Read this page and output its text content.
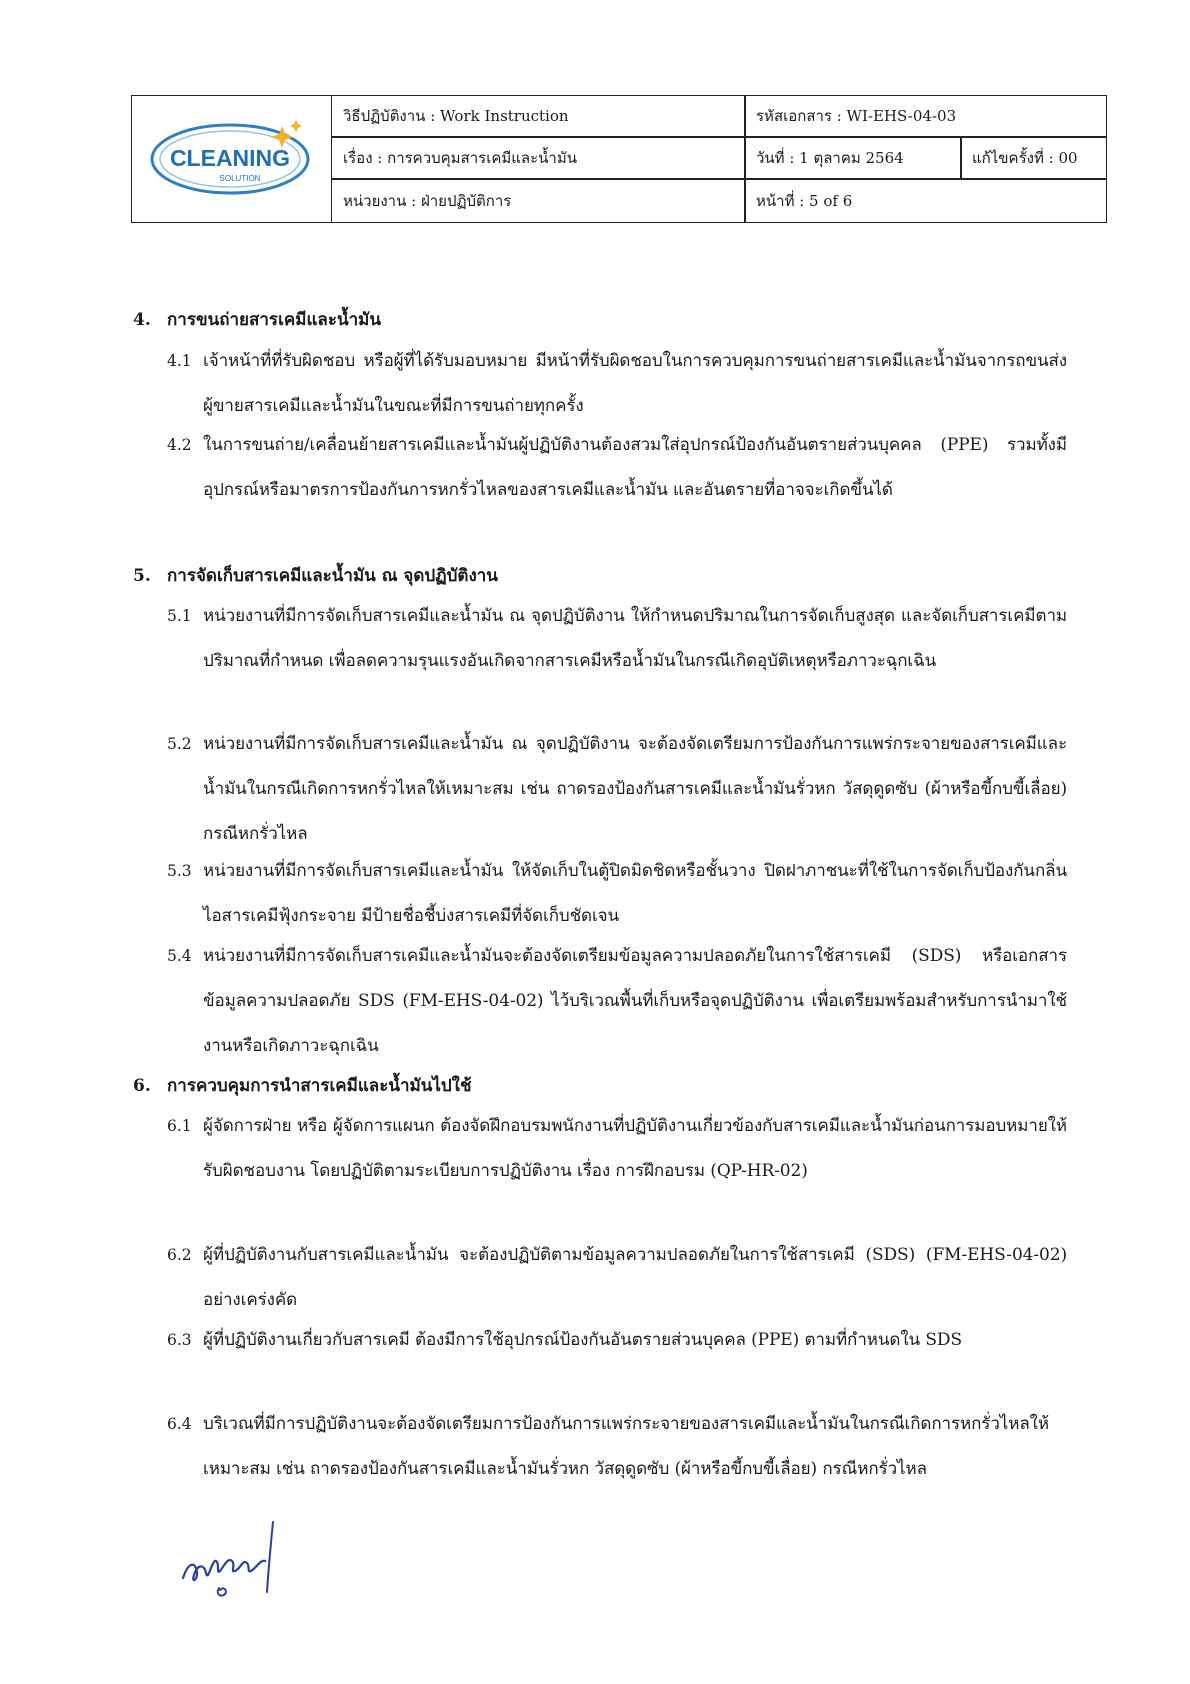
CLEANING
SOLUTION
วิธีปฏิบัติงาน : Work Instruction	รหัสเอกสาร : WI-EHS-04-03
เรื่อง : การควบคุมสารเคมีและน้ำมัน	วันที่ : 1 ตุลาคม 2564	แก้ไขครั้งที่ : 00
หน่วยงาน : ฝ่ายปฏิบัติการ	หน้าที่ : 5 of 6
4. การขนถ่ายสารเคมีและน้ำมัน
4.1 เจ้าหน้าที่ที่รับผิดชอบ หรือผู้ที่ได้รับมอบหมาย มีหน้าที่รับผิดชอบในการควบคุมการขนถ่ายสารเคมีและน้ำมันจากรถขนส่งผู้ขายสารเคมีและน้ำมันในขณะที่มีการขนถ่ายทุกครั้ง
4.2 ในการขนถ่าย/เคลื่อนย้ายสารเคมีและน้ำมันผู้ปฏิบัติงานต้องสวมใส่อุปกรณ์ป้องกันอันตรายส่วนบุคคล (PPE) รวมทั้งมีอุปกรณ์หรือมาตรการป้องกันการหกรั่วไหลของสารเคมีและน้ำมัน และอันตรายที่อาจจะเกิดขึ้นได้
5. การจัดเก็บสารเคมีและน้ำมัน ณ จุดปฏิบัติงาน
5.1 หน่วยงานที่มีการจัดเก็บสารเคมีและน้ำมัน ณ จุดปฏิบัติงาน ให้กำหนดปริมาณในการจัดเก็บสูงสุด และจัดเก็บสารเคมีตามปริมาณที่กำหนด เพื่อลดความรุนแรงอันเกิดจากสารเคมีหรือน้ำมันในกรณีเกิดอุบัติเหตุหรือภาวะฉุกเฉิน
5.2 หน่วยงานที่มีการจัดเก็บสารเคมีและน้ำมัน ณ จุดปฏิบัติงาน จะต้องจัดเตรียมการป้องกันการแพร่กระจายของสารเคมีและน้ำมันในกรณีเกิดการหกรั่วไหลให้เหมาะสม เช่น ถาดรองป้องกันสารเคมีและน้ำมันรั่วหก วัสดุดูดซับ (ผ้าหรือขี้กบขี้เลื่อย) กรณีหกรั่วไหล
5.3 หน่วยงานที่มีการจัดเก็บสารเคมีและน้ำมัน ให้จัดเก็บในตู้ปิดมิดชิดหรือชั้นวาง ปิดฝาภาชนะที่ใช้ในการจัดเก็บป้องกันกลิ่นไอสารเคมีฟุ้งกระจาย มีป้ายชื่อชี้บ่งสารเคมีที่จัดเก็บชัดเจน
5.4 หน่วยงานที่มีการจัดเก็บสารเคมีและน้ำมันจะต้องจัดเตรียมข้อมูลความปลอดภัยในการใช้สารเคมี (SDS) หรือเอกสารข้อมูลความปลอดภัย SDS (FM-EHS-04-02) ไว้บริเวณพื้นที่เก็บหรือจุดปฏิบัติงาน เพื่อเตรียมพร้อมสำหรับการนำมาใช้งานหรือเกิดภาวะฉุกเฉิน
6. การควบคุมการนำสารเคมีและน้ำมันไปใช้
6.1 ผู้จัดการฝ่าย หรือ ผู้จัดการแผนก ต้องจัดฝึกอบรมพนักงานที่ปฏิบัติงานเกี่ยวข้องกับสารเคมีและน้ำมันก่อนการมอบหมายให้รับผิดชอบงาน โดยปฏิบัติตามระเบียบการปฏิบัติงาน เรื่อง การฝึกอบรม (QP-HR-02)
6.2 ผู้ที่ปฏิบัติงานกับสารเคมีและน้ำมัน จะต้องปฏิบัติตามข้อมูลความปลอดภัยในการใช้สารเคมี (SDS) (FM-EHS-04-02) อย่างเคร่งคัด
6.3 ผู้ที่ปฏิบัติงานเกี่ยวกับสารเคมี ต้องมีการใช้อุปกรณ์ป้องกันอันตรายส่วนบุคคล (PPE) ตามที่กำหนดใน SDS
6.4 บริเวณที่มีการปฏิบัติงานจะต้องจัดเตรียมการป้องกันการแพร่กระจายของสารเคมีและน้ำมันในกรณีเกิดการหกรั่วไหลให้เหมาะสม เช่น ถาดรองป้องกันสารเคมีและน้ำมันรั่วหก วัสดุดูดซับ (ผ้าหรือขี้กบขี้เลื่อย) กรณีหกรั่วไหล
